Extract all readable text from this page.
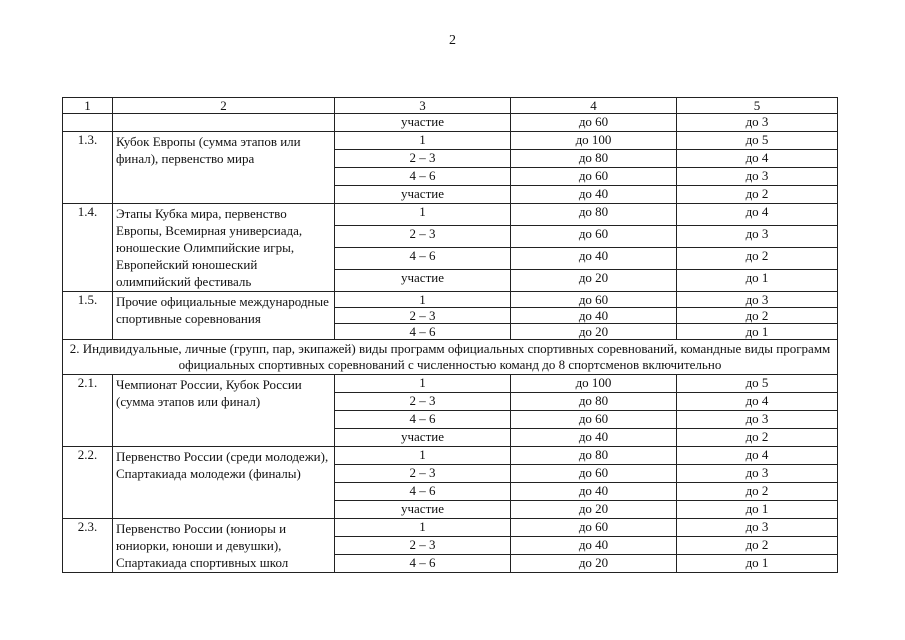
2
1	2	3	4	5
		участие	до 60	до 3
1.3.	Кубок Европы (сумма этапов или финал), первенство мира	1	до 100	до 5
		2 – 3	до 80	до 4
		4 – 6	до 60	до 3
		участие	до 40	до 2
1.4.	Этапы Кубка мира, первенство Европы, Всемирная универсиада, юношеские Олимпийские игры, Европейский юношеский олимпийский фестиваль	1	до 80	до 4
		2 – 3	до 60	до 3
		4 – 6	до 40	до 2
		участие	до 20	до 1
1.5.	Прочие официальные международные спортивные соревнования	1	до 60	до 3
		2 – 3	до 40	до 2
		4 – 6	до 20	до 1
2. Индивидуальные, личные (групп, пар, экипажей) виды программ официальных спортивных соревнований, командные виды программ официальных спортивных соревнований с численностью команд до 8 спортсменов включительно				
2.1.	Чемпионат России, Кубок России (сумма этапов или финал)	1	до 100	до 5
		2 – 3	до 80	до 4
		4 – 6	до 60	до 3
		участие	до 40	до 2
2.2.	Первенство России (среди молодежи), Спартакиада молодежи (финалы)	1	до 80	до 4
		2 – 3	до 60	до 3
		4 – 6	до 40	до 2
		участие	до 20	до 1
2.3.	Первенство России (юниоры и юниорки, юноши и девушки), Спартакиада спортивных школ	1	до 60	до 3
		2 – 3	до 40	до 2
		4 – 6	до 20	до 1
